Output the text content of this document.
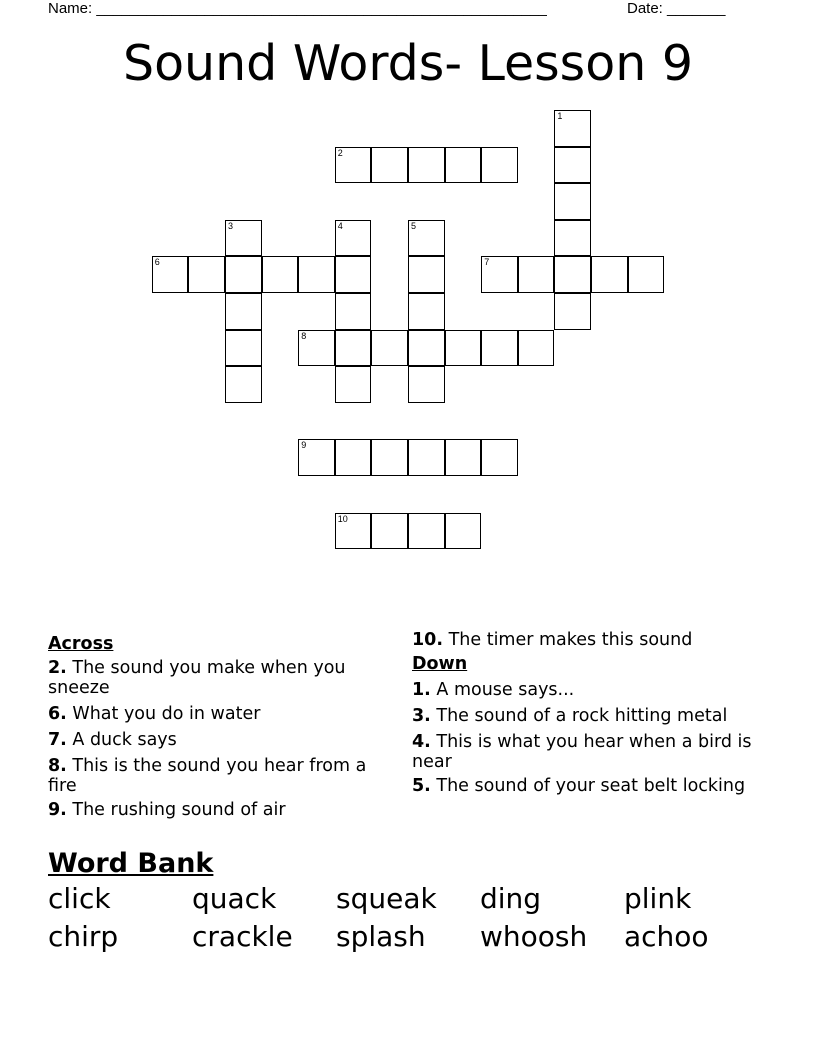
Name: ______________________________________________________	Date: _______
Sound Words- Lesson 9
2
1
6	7
3	4	5
8
9
10
Across
2. The sound you make when you sneeze
6. What you do in water
7. A duck says
8. This is the sound you hear from a fire
9. The rushing sound of air
10. The timer makes this sound
Down
1. A mouse says...
3. The sound of a rock hitting metal
4. This is what you hear when a bird is near
5. The sound of your seat belt locking
Word Bank
click	quack	squeak	ding	plink
chirp	crackle	splash	whoosh	achoo
